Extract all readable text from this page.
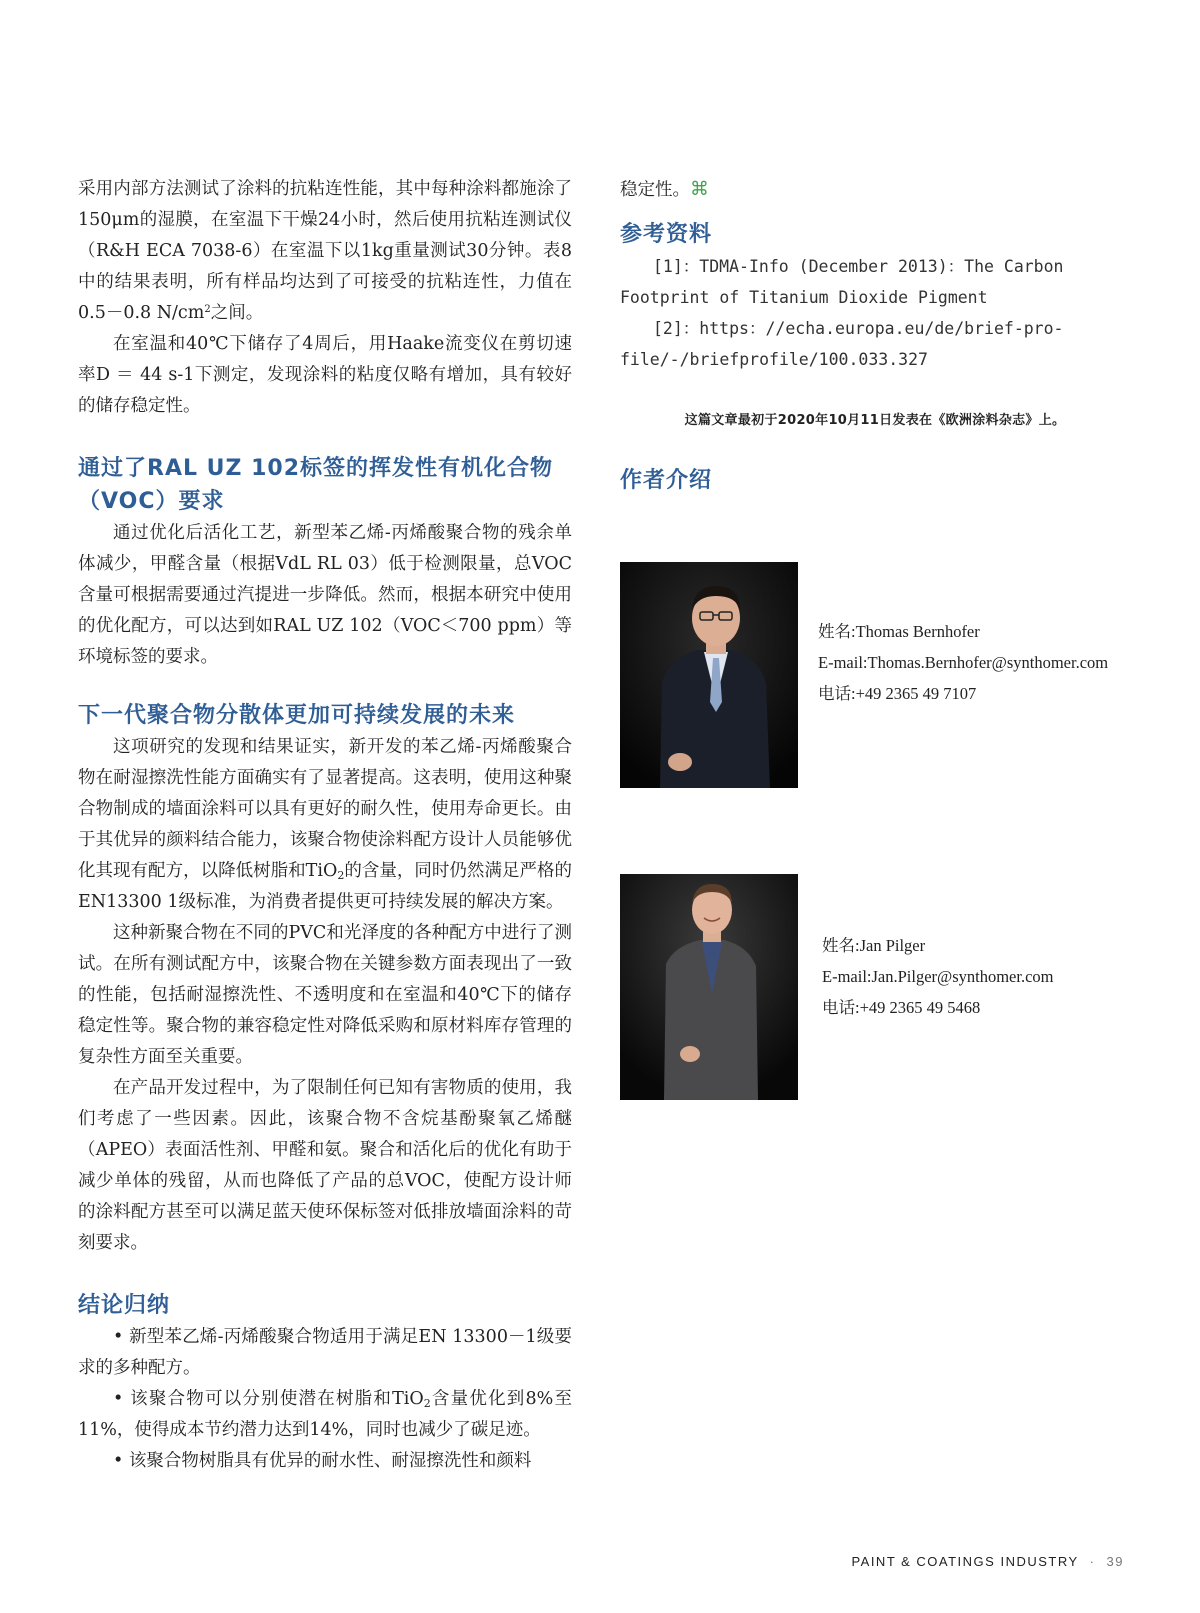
采用内部方法测试了涂料的抗粘连性能，其中每种涂料都施涂了150μm的湿膜，在室温下干燥24小时，然后使用抗粘连测试仪（R&H ECA 7038-6）在室温下以1kg重量测试30分钟。表8中的结果表明，所有样品均达到了可接受的抗粘连性，力值在0.5－0.8 $N/cm^2$之间。

在室温和40℃下储存了4周后，用Haake流变仪在剪切速率D ＝ 44 s-1下测定，发现涂料的粘度仅略有增加，具有较好的储存稳定性。

通过了RAL UZ 102标签的挥发性有机化合物（VOC）要求

通过优化后活化工艺，新型苯乙烯-丙烯酸聚合物的残余单体减少，甲醛含量（根据VdL RL 03）低于检测限量，总VOC含量可根据需要通过汽提进一步降低。然而，根据本研究中使用的优化配方，可以达到如RAL UZ 102（VOC＜700 ppm）等环境标签的要求。

下一代聚合物分散体更加可持续发展的未来

这项研究的发现和结果证实，新开发的苯乙烯-丙烯酸聚合物在耐湿擦洗性能方面确实有了显著提高。这表明，使用这种聚合物制成的墙面涂料可以具有更好的耐久性，使用寿命更长。由于其优异的颜料结合能力，该聚合物使涂料配方设计人员能够优化其现有配方，以降低树脂和TiO$_2$的含量，同时仍然满足严格的EN13300 1级标准，为消费者提供更可持续发展的解决方案。

这种新聚合物在不同的PVC和光泽度的各种配方中进行了测试。在所有测试配方中，该聚合物在关键参数方面表现出了一致的性能，包括耐湿擦洗性、不透明度和在室温和40℃下的储存稳定性等。聚合物的兼容稳定性对降低采购和原材料库存管理的复杂性方面至关重要。

在产品开发过程中，为了限制任何已知有害物质的使用，我们考虑了一些因素。因此，该聚合物不含烷基酚聚氧乙烯醚（APEO）表面活性剂、甲醛和氨。聚合和活化后的优化有助于减少单体的残留，从而也降低了产品的总VOC，使配方设计师的涂料配方甚至可以满足蓝天使环保标签对低排放墙面涂料的苛刻要求。

结论归纳

• 新型苯乙烯-丙烯酸聚合物适用于满足EN 13300－1级要求的多种配方。

• 该聚合物可以分别使潜在树脂和TiO$_2$含量优化到8%至11%，使得成本节约潜力达到14%，同时也减少了碳足迹。

• 该聚合物树脂具有优异的耐水性、耐湿擦洗性和颜料

稳定性。⌘

参考资料

[1]：TDMA-Info (December 2013)：The Carbon Footprint of Titanium Dioxide Pigment

[2]：https：//echa.europa.eu/de/brief-pro-file/-/briefprofile/100.033.327

这篇文章最初于2020年10月11日发表在《欧洲涂料杂志》上。
作者介绍
姓名:Thomas Bernhofer
E-mail:Thomas.Bernhofer@synthomer.com
电话:+49 2365 49 7107
姓名:Jan Pilger
E-mail:Jan.Pilger@synthomer.com
电话:+49 2365 49 5468
PAINT & COATINGS INDUSTRY · 39
